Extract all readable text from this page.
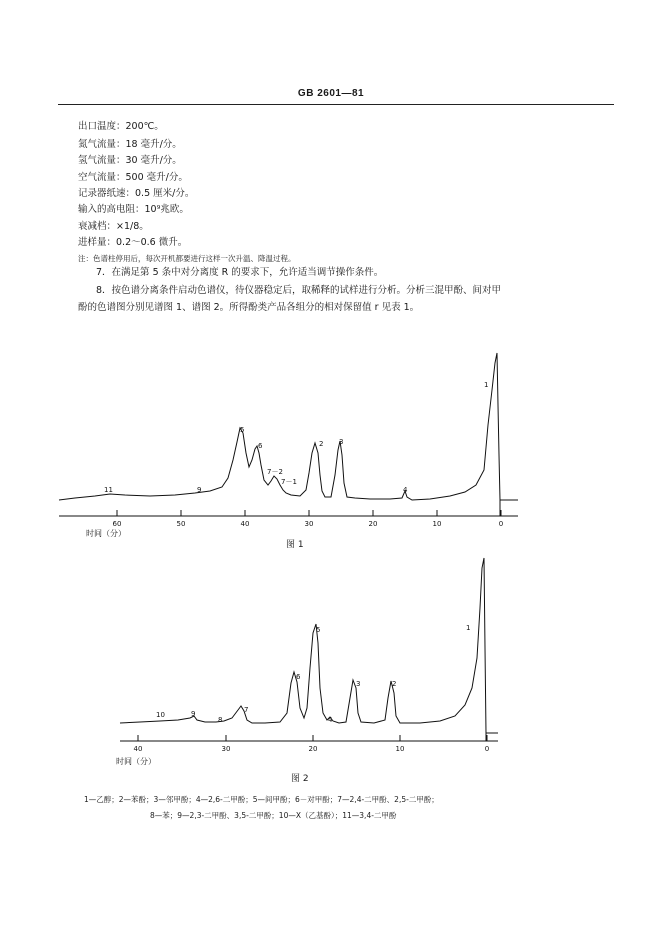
GB 2601—81
出口温度：200℃。
氮气流量：18 毫升/分。
氢气流量：30 毫升/分。
空气流量：500 毫升/分。
记录器纸速：0.5 厘米/分。
输入的高电阻：10⁹兆欧。
衰减档：×1/8。
进样量：0.2～0.6 微升。
注：色谱柱停用后，每次开机都要进行这样一次升温、降温过程。
7．在满足第 5 条中对分离度 R 的要求下，允许适当调节操作条件。
8．按色谱分离条件启动色谱仪，待仪器稳定后，取稀释的试样进行分析。分析三混甲酚、间对甲
酚的色谱图分别见谱图 1、谱图 2。所得酚类产品各组分的相对保留值 r 见表 1。
60	50	40	30	20	10	0
11	9
5
6
7－2
7－1
2 3
4
1
时间（分）
图 1
40	30	20	10	0
10	9
8
7
6
5
4
3	2
1
时间（分）
图 2
1—乙醇；2—苯酚；3—邻甲酚；4—2,6-二甲酚；5—间甲酚；6－对甲酚；7—2,4-二甲酚、2,5-二甲酚；
8—苯；9—2,3-二甲酚、3,5-二甲酚；10—X（乙基酚）；11—3,4-二甲酚
